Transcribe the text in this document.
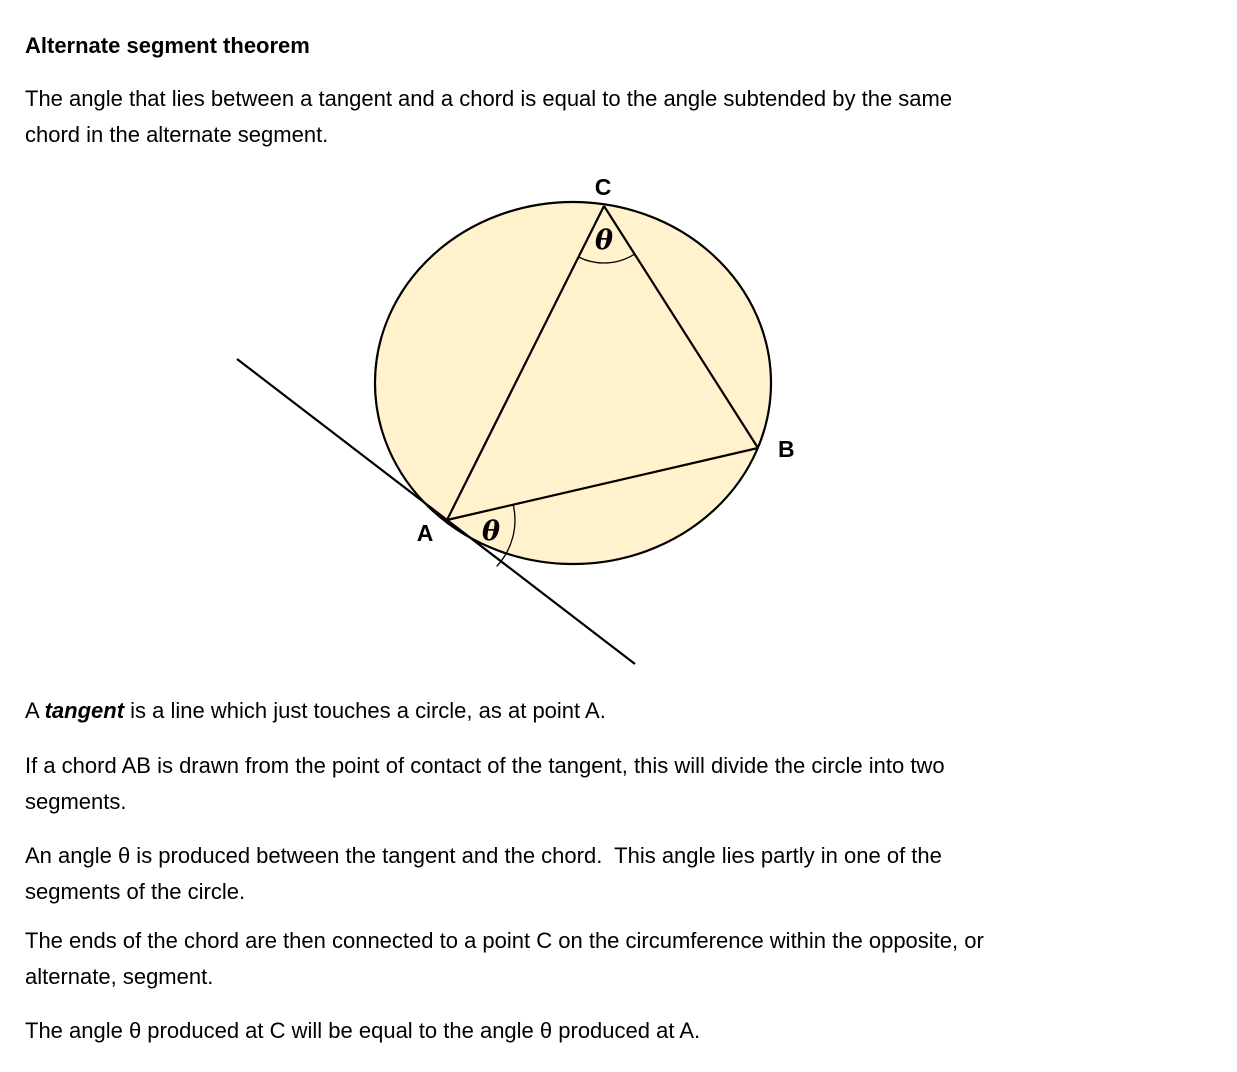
Alternate segment theorem
The angle that lies between a tangent and a chord is equal to the angle subtended by the same
chord in the alternate segment.
C
B
A
θ
θ
A tangent is a line which just touches a circle, as at point A.
If a chord AB is drawn from the point of contact of the tangent, this will divide the circle into two
segments.
An angle θ is produced between the tangent and the chord.  This angle lies partly in one of the
segments of the circle.
The ends of the chord are then connected to a point C on the circumference within the opposite, or
alternate, segment.
The angle θ produced at C will be equal to the angle θ produced at A.
